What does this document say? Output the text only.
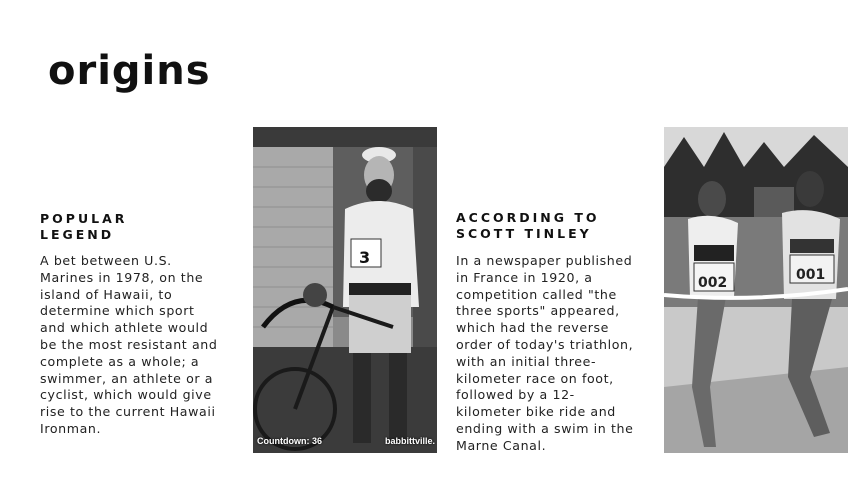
origins

POPULAR
LEGEND

A bet between U.S.
Marines in 1978, on the
island of Hawaii, to
determine which sport
and which athlete would
be the most resistant and
complete as a whole; a
swimmer, an athlete or a
cyclist, which would give
rise to the current Hawaii
Ironman.

3
Countdown: 36	babbittville.

ACCORDING TO
SCOTT TINLEY

In a newspaper published
in France in 1920, a
competition called "the
three sports" appeared,
which had the reverse
order of today's triathlon,
with an initial three-
kilometer race on foot,
followed by a 12-
kilometer bike ride and
ending with a swim in the
Marne Canal.

002	001
